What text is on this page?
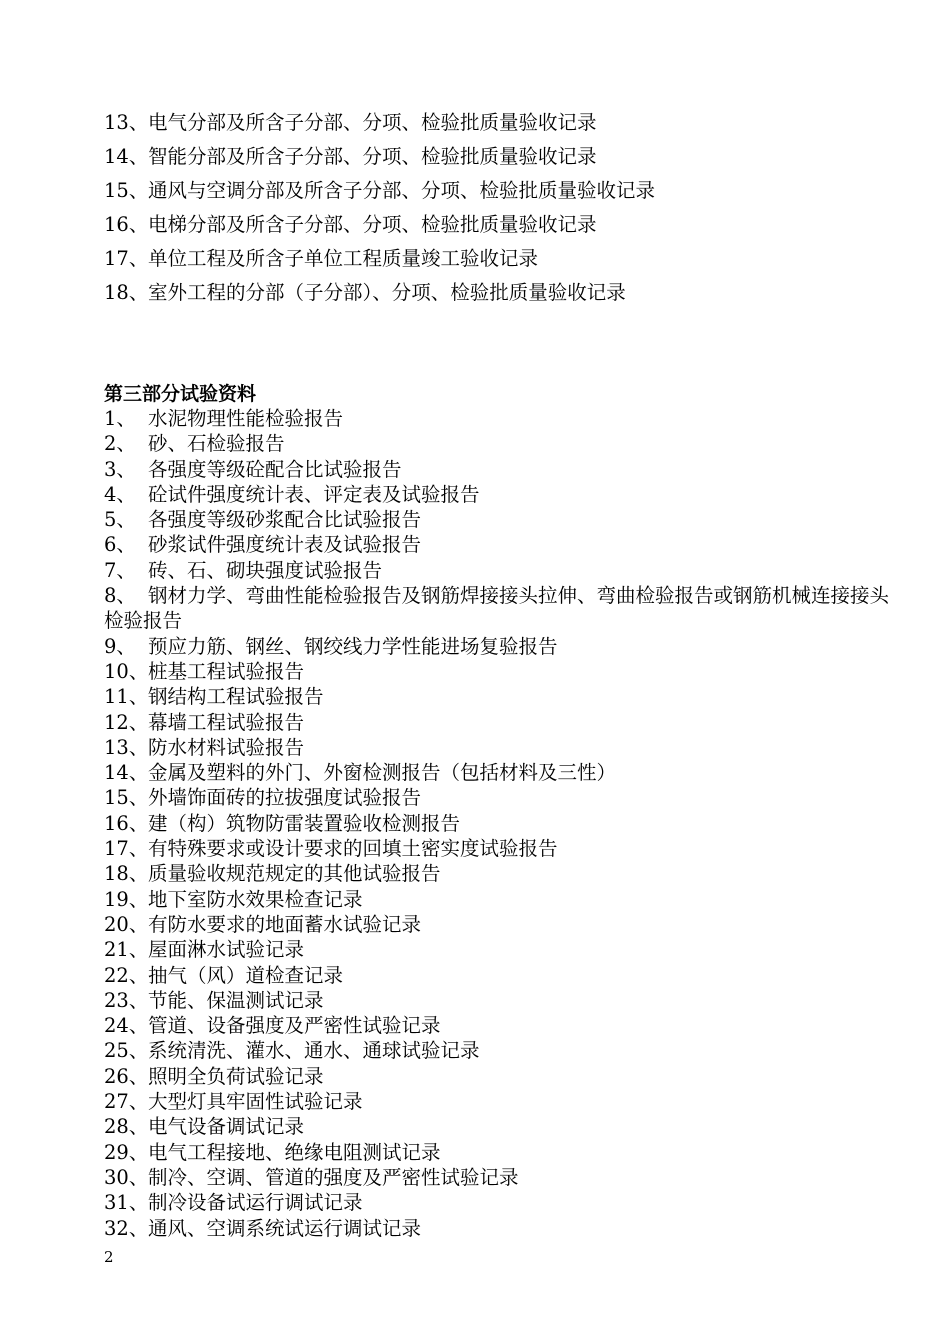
13、 电气分部及所含子分部、分项、检验批质量验收记录
14、 智能分部及所含子分部、分项、检验批质量验收记录
15、 通风与空调分部及所含子分部、分项、检验批质量验收记录
16、 电梯分部及所含子分部、分项、检验批质量验收记录
17、 单位工程及所含子单位工程质量竣工验收记录
18、 室外工程的分部（子分部）、分项、检验批质量验收记录
第三部分试验资料
1、 水泥物理性能检验报告
2、 砂、石检验报告
3、 各强度等级砼配合比试验报告
4、 砼试件强度统计表、评定表及试验报告
5、 各强度等级砂浆配合比试验报告
6、 砂浆试件强度统计表及试验报告
7、 砖、石、砌块强度试验报告
8、 钢材力学、弯曲性能检验报告及钢筋焊接接头拉伸、弯曲检验报告或钢筋机械连接接头检验报告
9、 预应力筋、钢丝、钢绞线力学性能进场复验报告
10、桩基工程试验报告
11、钢结构工程试验报告
12、幕墙工程试验报告
13、防水材料试验报告
14、金属及塑料的外门、外窗检测报告（包括材料及三性）
15、外墙饰面砖的拉拔强度试验报告
16、建（构）筑物防雷装置验收检测报告
17、有特殊要求或设计要求的回填土密实度试验报告
18、质量验收规范规定的其他试验报告
19、地下室防水效果检查记录
20、有防水要求的地面蓄水试验记录
21、屋面淋水试验记录
22、抽气（风）道检查记录
23、节能、保温测试记录
24、管道、设备强度及严密性试验记录
25、系统清洗、灌水、通水、通球试验记录
26、照明全负荷试验记录
27、大型灯具牢固性试验记录
28、电气设备调试记录
29、电气工程接地、绝缘电阻测试记录
30、制冷、空调、管道的强度及严密性试验记录
31、制冷设备试运行调试记录
32、通风、空调系统试运行调试记录
2
